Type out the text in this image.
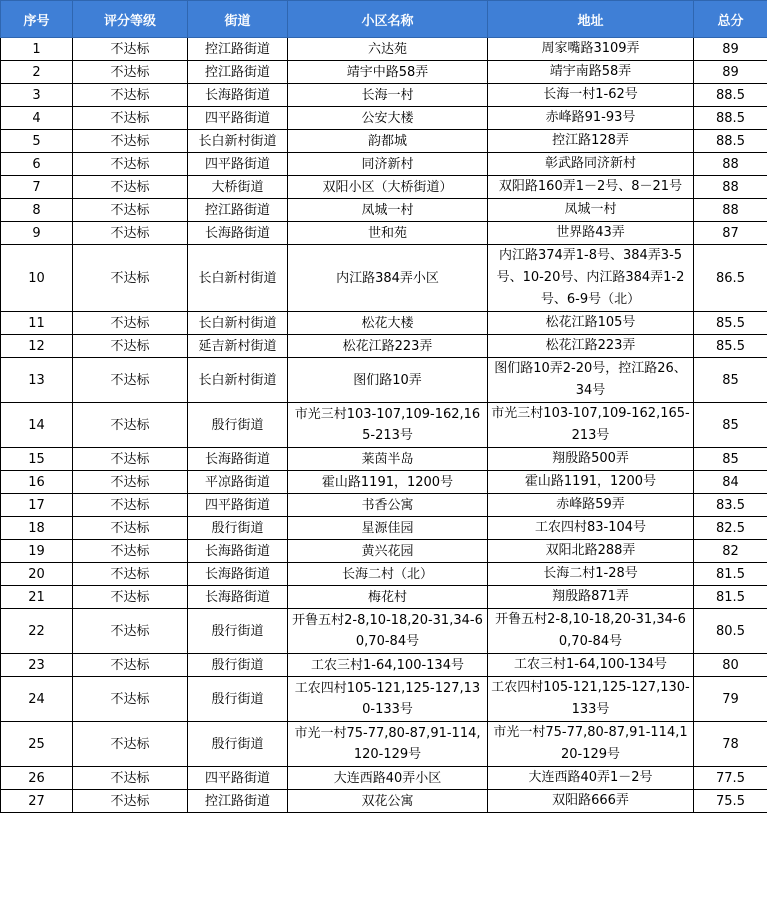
序号	评分等级	街道	小区名称	地址	总分
1	不达标	控江路街道	六达苑	周家嘴路3109弄	89
2	不达标	控江路街道	靖宇中路58弄	靖宇南路58弄	89
3	不达标	长海路街道	长海一村	长海一村1-62号	88.5
4	不达标	四平路街道	公安大楼	赤峰路91-93号	88.5
5	不达标	长白新村街道	韵都城	控江路128弄	88.5
6	不达标	四平路街道	同济新村	彰武路同济新村	88
7	不达标	大桥街道	双阳小区（大桥街道）	双阳路160弄1－2号、8－21号	88
8	不达标	控江路街道	凤城一村	凤城一村	88
9	不达标	长海路街道	世和苑	世界路43弄	87
10	不达标	长白新村街道	内江路384弄小区	内江路374弄1-8号、384弄3-5号、10-20号、内江路384弄1-2号、6-9号（北）	86.5
11	不达标	长白新村街道	松花大楼	松花江路105号	85.5
12	不达标	延吉新村街道	松花江路223弄	松花江路223弄	85.5
13	不达标	长白新村街道	图们路10弄	图们路10弄2-20号，控江路26、34号	85
14	不达标	殷行街道	市光三村103-107,109-162,165-213号	市光三村103-107,109-162,165-213号	85
15	不达标	长海路街道	莱茵半岛	翔殷路500弄	85
16	不达标	平凉路街道	霍山路1191，1200号	霍山路1191，1200号	84
17	不达标	四平路街道	书香公寓	赤峰路59弄	83.5
18	不达标	殷行街道	星源佳园	工农四村83-104号	82.5
19	不达标	长海路街道	黄兴花园	双阳北路288弄	82
20	不达标	长海路街道	长海二村（北）	长海二村1-28号	81.5
21	不达标	长海路街道	梅花村	翔殷路871弄	81.5
22	不达标	殷行街道	开鲁五村2-8,10-18,20-31,34-60,70-84号	开鲁五村2-8,10-18,20-31,34-60,70-84号	80.5
23	不达标	殷行街道	工农三村1-64,100-134号	工农三村1-64,100-134号	80
24	不达标	殷行街道	工农四村105-121,125-127,130-133号	工农四村105-121,125-127,130-133号	79
25	不达标	殷行街道	市光一村75-77,80-87,91-114,120-129号	市光一村75-77,80-87,91-114,120-129号	78
26	不达标	四平路街道	大连西路40弄小区	大连西路40弄1－2号	77.5
27	不达标	控江路街道	双花公寓	双阳路666弄	75.5
